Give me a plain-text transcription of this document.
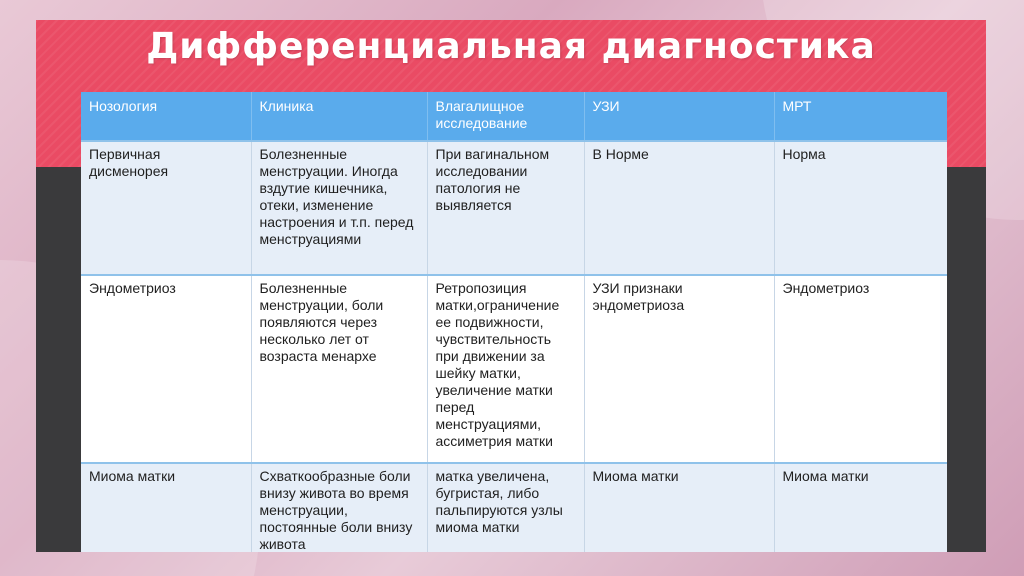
Дифференциальная диагностика
Нозология	Клиника	Влагалищное исследование	УЗИ	МРТ
Первичная дисменорея	Болезненные менструации. Иногда вздутие кишечника, отеки, изменение настроения и т.п. перед менструациями	При вагинальном исследовании патология не выявляется	В Норме	Норма
Эндометриоз	Болезненные менструации, боли появляются через несколько лет от возраста менархе	Ретропозиция матки,ограничение ее подвижности, чувствительность при движении за шейку матки, увеличение матки перед менструациями, ассиметрия матки	УЗИ признаки эндометриоза	Эндометриоз
Миома матки	Схваткообразные боли внизу живота во время менструации, постоянные боли внизу живота	матка увеличена, бугристая, либо пальпируются узлы миома матки	Миома матки	Миома матки
